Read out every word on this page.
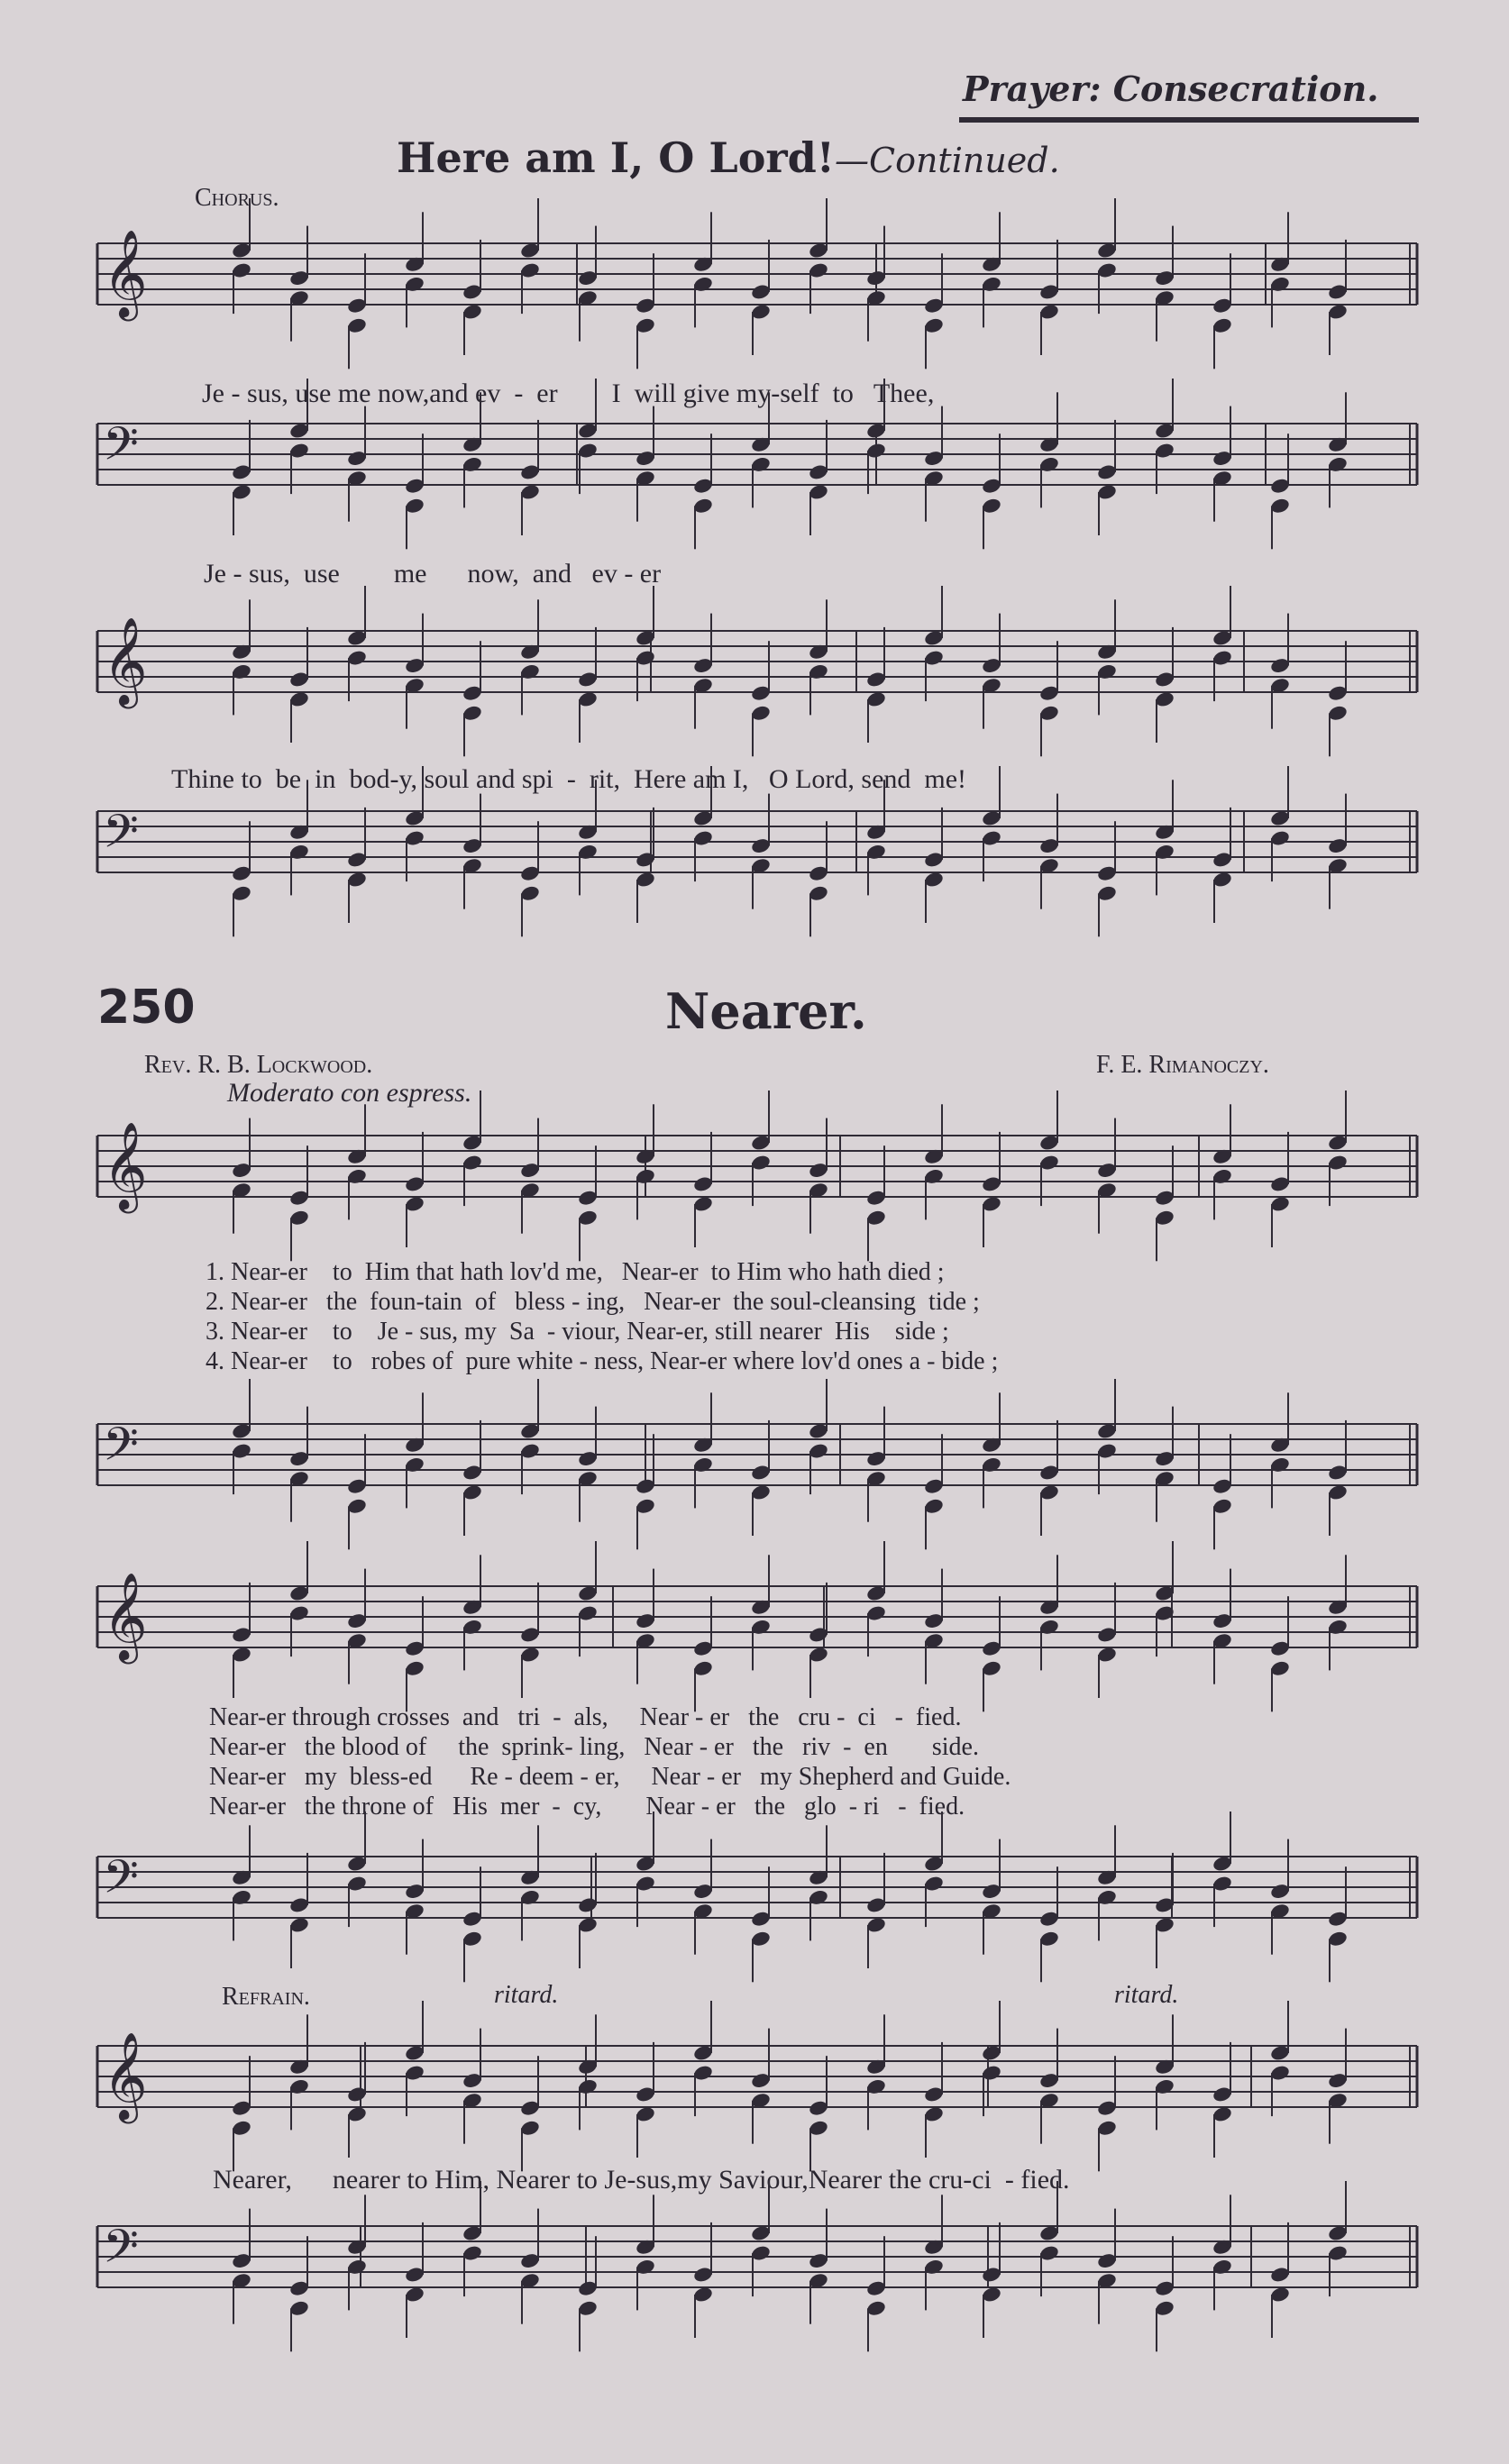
Prayer: Consecration.
Here am I, O Lord!—Continued.
Chorus.
Je - sus, use me now,and ev  -  er        I  will give my-self  to   Thee,
Je - sus,  use        me      now,  and   ev - er
Thine to  be  in  bod-y, soul and spi  -  rit,  Here am I,   O Lord, send  me!
250	Nearer.
Rev. R. B. Lockwood.	F. E. Rimanoczy.
Moderato con espress.
1. Near-er    to  Him that hath lov'd me,   Near-er  to Him who hath died ;
2. Near-er   the  foun-tain  of   bless - ing,   Near-er  the soul-cleansing  tide ;
3. Near-er    to    Je - sus, my  Sa  - viour, Near-er, still nearer  His    side ;
4. Near-er    to   robes of  pure white - ness, Near-er where lov'd ones a - bide ;
Near-er through crosses  and   tri  -  als,     Near - er   the   cru -  ci   -  fied.
Near-er   the blood of     the  sprink- ling,   Near - er   the   riv  -  en       side.
Near-er   my  bless-ed      Re - deem - er,     Near - er   my Shepherd and Guide.
Near-er   the throne of   His  mer  -  cy,       Near - er   the   glo  - ri   -  fied.
Refrain.	ritard.	ritard.
Nearer,      nearer to Him, Nearer to Je-sus,my Saviour,Nearer the cru-ci  - fied.
𝄞
𝄢
𝄞
𝄢
𝄞
𝄢
𝄞
𝄢
𝄞
𝄢
